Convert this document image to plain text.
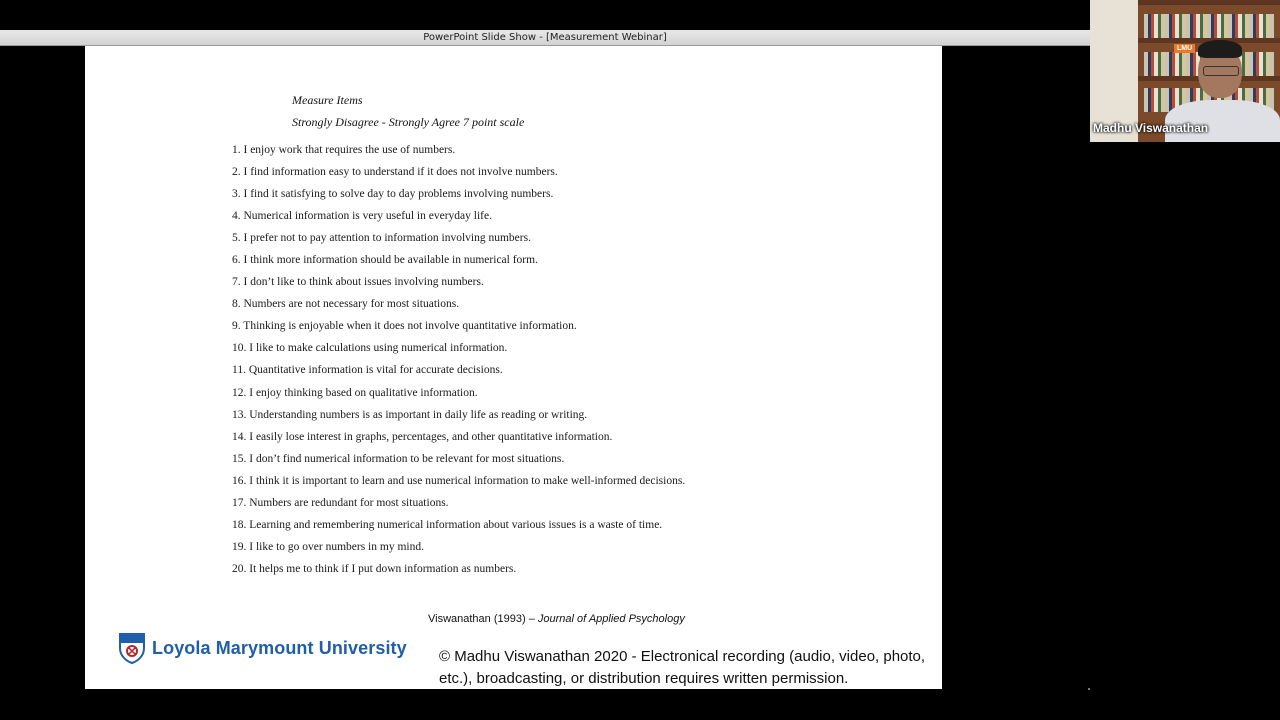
PowerPoint Slide Show - [Measurement Webinar]
Measure Items
Strongly Disagree - Strongly Agree 7 point scale
1. I enjoy work that requires the use of numbers.
2. I find information easy to understand if it does not involve numbers.
3. I find it satisfying to solve day to day problems involving numbers.
4. Numerical information is very useful in everyday life.
5. I prefer not to pay attention to information involving numbers.
6. I think more information should be available in numerical form.
7. I don’t like to think about issues involving numbers.
8. Numbers are not necessary for most situations.
9. Thinking is enjoyable when it does not involve quantitative information.
10. I like to make calculations using numerical information.
11. Quantitative information is vital for accurate decisions.
12. I enjoy thinking based on qualitative information.
13. Understanding numbers is as important in daily life as reading or writing.
14. I easily lose interest in graphs, percentages, and other quantitative information.
15. I don’t find numerical information to be relevant for most situations.
16. I think it is important to learn and use numerical information to make well-informed decisions.
17. Numbers are redundant for most situations.
18. Learning and remembering numerical information about various issues is a waste of time.
19. I like to go over numbers in my mind.
20. It helps me to think if I put down information as numbers.
Viswanathan (1993) – Journal of Applied Psychology
Loyola Marymount University © Madhu Viswanathan 2020 - Electronical recording (audio, video, photo, etc.), broadcasting, or distribution requires written permission.
LMU
Madhu Viswanathan
